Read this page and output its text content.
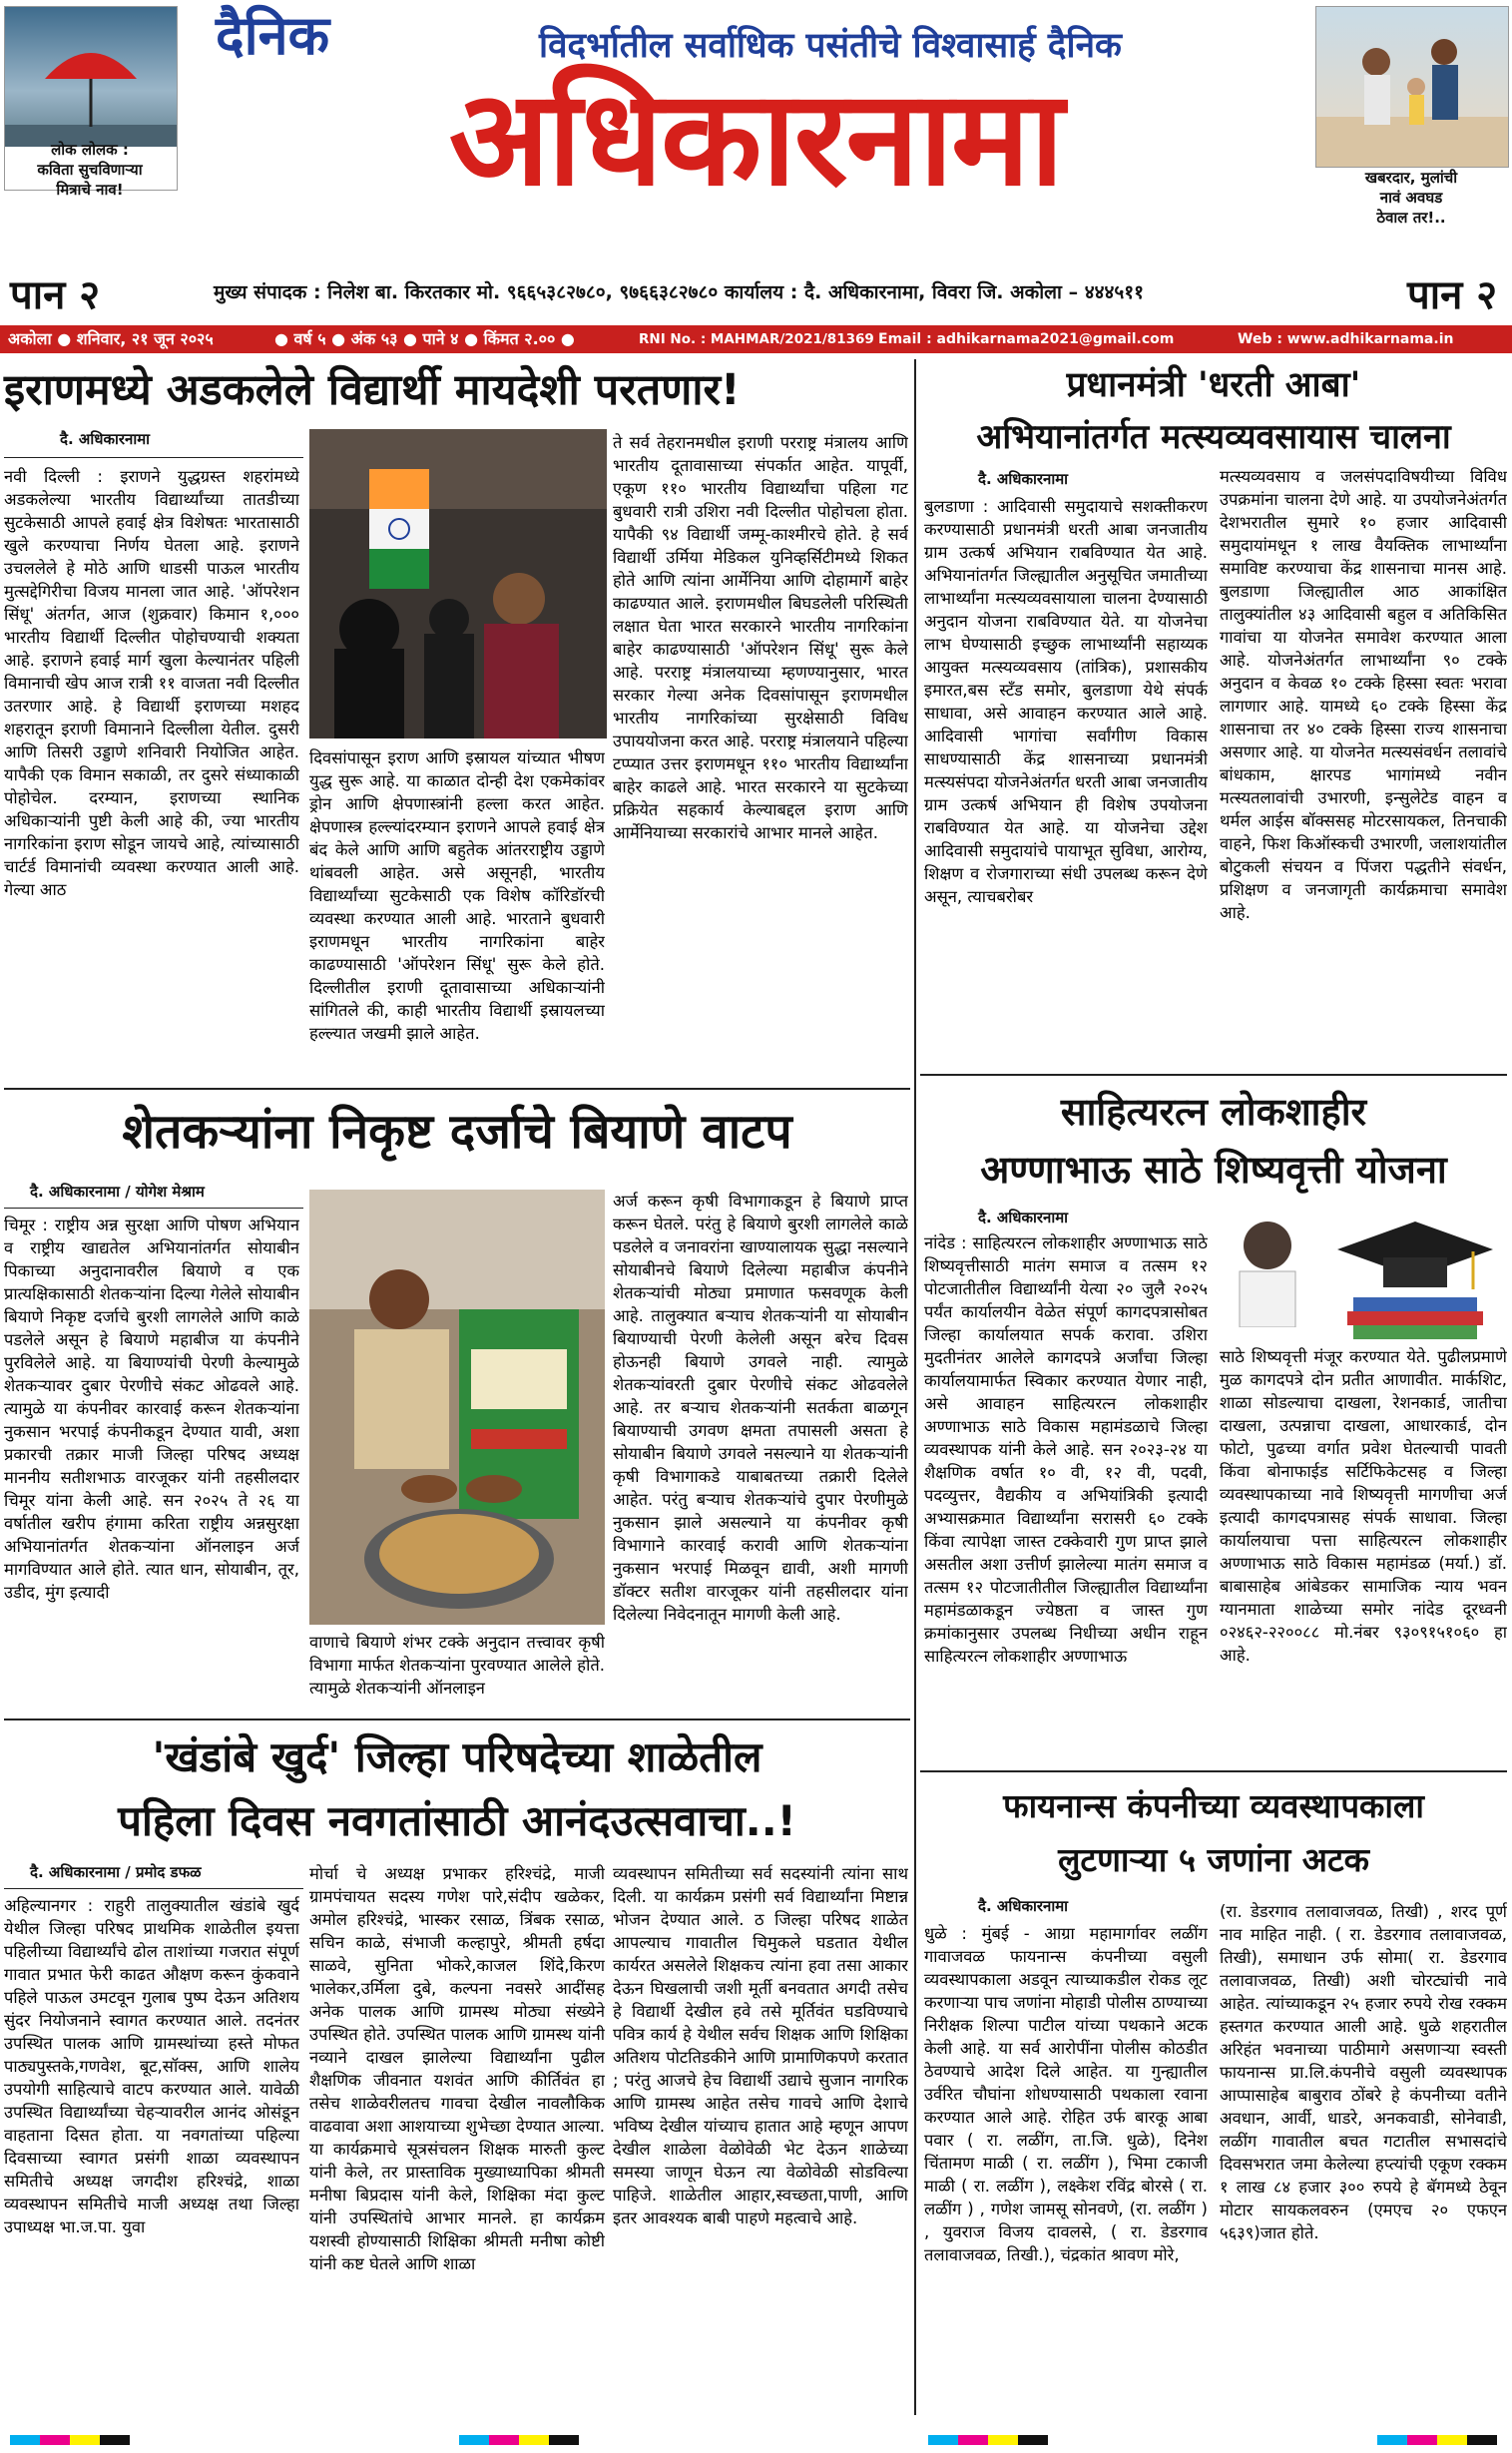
लोक लोलक :
कविता सुचविणाऱ्या
मित्राचे नाव!
खबरदार, मुलांची
नावं अवघड
ठेवाल तर!..
दैनिक	विदर्भातील सर्वाधिक पसंतीचे विश्वासार्ह दैनिक
अधिकारनामा
पान २	पान २
मुख्य संपादक : निलेश बा. किरतकार मो. ९६६५३८२७८०, ९७६६३८२७८० कार्यालय : दै. अधिकारनामा, विवरा जि. अकोला – ४४४५११
अकोला ● शनिवार, २१ जून २०२५	● वर्ष ५ ● अंक ५३ ● पाने ४ ● किंमत २.०० ●	RNI No. : MAHMAR/2021/81369 Email : adhikarnama2021@gmail.com	Web : www.adhikarnama.in
इराणमध्ये अडकलेले विद्यार्थी मायदेशी परतणार!
दै. अधिकारनामा
नवी दिल्ली : इराणने युद्धग्रस्त शहरांमध्ये अडकलेल्या भारतीय विद्यार्थ्यांच्या तातडीच्या सुटकेसाठी आपले हवाई क्षेत्र विशेषतः भारतासाठी खुले करण्याचा निर्णय घेतला आहे. इराणने उचललेले हे मोठे आणि धाडसी पाऊल भारतीय मुत्सद्देगिरीचा विजय मानला जात आहे. 'ऑपरेशन सिंधू' अंतर्गत, आज (शुक्रवार) किमान १,००० भारतीय विद्यार्थी दिल्लीत पोहोचण्याची शक्यता आहे. इराणने हवाई मार्ग खुला केल्यानंतर पहिली विमानाची खेप आज रात्री ११ वाजता नवी दिल्लीत उतरणार आहे. हे विद्यार्थी इराणच्या मशहद शहरातून इराणी विमानाने दिल्लीला येतील. दुसरी आणि तिसरी उड्डाणे शनिवारी नियोजित आहेत. यापैकी एक विमान सकाळी, तर दुसरे संध्याकाळी पोहोचेल. दरम्यान, इराणच्या स्थानिक अधिकाऱ्यांनी पुष्टी केली आहे की, ज्या भारतीय नागरिकांना इराण सोडून जायचे आहे, त्यांच्यासाठी चार्टर्ड विमानांची व्यवस्था करण्यात आली आहे. गेल्या आठ
दिवसांपासून इराण आणि इस्रायल यांच्यात भीषण युद्ध सुरू आहे. या काळात दोन्ही देश एकमेकांवर ड्रोन आणि क्षेपणास्त्रांनी हल्ला करत आहेत. क्षेपणास्त्र हल्ल्यांदरम्यान इराणने आपले हवाई क्षेत्र बंद केले आणि आणि बहुतेक आंतरराष्ट्रीय उड्डाणे थांबवली आहेत. असे असूनही, भारतीय विद्यार्थ्यांच्या सुटकेसाठी एक विशेष कॉरिडॉरची व्यवस्था करण्यात आली आहे. भारताने बुधवारी इराणमधून भारतीय नागरिकांना बाहेर काढण्यासाठी 'ऑपरेशन सिंधू' सुरू केले होते. दिल्लीतील इराणी दूतावासाच्या अधिकाऱ्यांनी सांगितले की, काही भारतीय विद्यार्थी इस्रायलच्या हल्ल्यात जखमी झाले आहेत.
ते सर्व तेहरानमधील इराणी परराष्ट्र मंत्रालय आणि भारतीय दूतावासाच्या संपर्कात आहेत. यापूर्वी, एकूण ११० भारतीय विद्यार्थ्यांचा पहिला गट बुधवारी रात्री उशिरा नवी दिल्लीत पोहोचला होता. यापैकी ९४ विद्यार्थी जम्मू-काश्मीरचे होते. हे सर्व विद्यार्थी उर्मिया मेडिकल युनिव्हर्सिटीमध्ये शिकत होते आणि त्यांना आर्मेनिया आणि दोहामार्गे बाहेर काढण्यात आले. इराणमधील बिघडलेली परिस्थिती लक्षात घेता भारत सरकारने भारतीय नागरिकांना बाहेर काढण्यासाठी 'ऑपरेशन सिंधू' सुरू केले आहे. परराष्ट्र मंत्रालयाच्या म्हणण्यानुसार, भारत सरकार गेल्या अनेक दिवसांपासून इराणमधील भारतीय नागरिकांच्या सुरक्षेसाठी विविध उपाययोजना करत आहे. परराष्ट्र मंत्रालयाने पहिल्या टप्प्यात उत्तर इराणमधून ११० भारतीय विद्यार्थ्यांना बाहेर काढले आहे. भारत सरकारने या सुटकेच्या प्रक्रियेत सहकार्य केल्याबद्दल इराण आणि आर्मेनियाच्या सरकारांचे आभार मानले आहेत.
प्रधानमंत्री 'धरती आबा'
अभियानांतर्गत मत्स्यव्यवसायास चालना
दै. अधिकारनामा
बुलडाणा : आदिवासी समुदायाचे सशक्तीकरण करण्यासाठी प्रधानमंत्री धरती आबा जनजातीय ग्राम उत्कर्ष अभियान राबविण्यात येत आहे. अभियानांतर्गत जिल्ह्यातील अनुसूचित जमातीच्या लाभार्थ्यांना मत्स्यव्यवसायाला चालना देण्यासाठी अनुदान योजना राबविण्यात येते. या योजनेचा लाभ घेण्यासाठी इच्छुक लाभार्थ्यांनी सहाय्यक आयुक्त मत्स्यव्यवसाय (तांत्रिक), प्रशासकीय इमारत,बस स्टँड समोर, बुलडाणा येथे संपर्क साधावा, असे आवाहन करण्यात आले आहे. आदिवासी भागांचा सर्वांगीण विकास साधण्यासाठी केंद्र शासनाच्या प्रधानमंत्री मत्स्यसंपदा योजनेअंतर्गत धरती आबा जनजातीय ग्राम उत्कर्ष अभियान ही विशेष उपयोजना राबविण्यात येत आहे. या योजनेचा उद्देश आदिवासी समुदायांचे पायाभूत सुविधा, आरोग्य, शिक्षण व रोजगाराच्या संधी उपलब्ध करून देणे असून, त्याचबरोबर
मत्स्यव्यवसाय व जलसंपदाविषयीच्या विविध उपक्रमांना चालना देणे आहे. या उपयोजनेअंतर्गत देशभरातील सुमारे १० हजार आदिवासी समुदायांमधून १ लाख वैयक्तिक लाभार्थ्यांना समाविष्ट करण्याचा केंद्र शासनाचा मानस आहे. बुलडाणा जिल्ह्यातील आठ आकांक्षित तालुक्यांतील ४३ आदिवासी बहुल व अतिकिसित गावांचा या योजनेत समावेश करण्यात आला आहे. योजनेअंतर्गत लाभार्थ्यांना ९० टक्के अनुदान व केवळ १० टक्के हिस्सा स्वतः भरावा लागणार आहे. यामध्ये ६० टक्के हिस्सा केंद्र शासनाचा तर ४० टक्के हिस्सा राज्य शासनाचा असणार आहे. या योजनेत मत्स्यसंवर्धन तलावांचे बांधकाम, क्षारपड भागांमध्ये नवीन मत्स्यतलावांची उभारणी, इन्सुलेटेड वाहन व थर्मल आईस बॉक्ससह मोटरसायकल, तिनचाकी वाहने, फिश किऑस्कची उभारणी, जलाशयांतील बोटुकली संचयन व पिंजरा पद्धतीने संवर्धन, प्रशिक्षण व जनजागृती कार्यक्रमाचा समावेश आहे.
शेतकऱ्यांना निकृष्ट दर्जाचे बियाणे वाटप
दै. अधिकारनामा / योगेश मेश्राम
चिमूर : राष्ट्रीय अन्न सुरक्षा आणि पोषण अभियान व राष्ट्रीय खाद्यतेल अभियानांतर्गत सोयाबीन पिकाच्या अनुदानावरील बियाणे व एक प्रात्यक्षिकासाठी शेतकऱ्यांना दिल्या गेलेले सोयाबीन बियाणे निकृष्ट दर्जाचे बुरशी लागलेले आणि काळे पडलेले असून हे बियाणे महाबीज या कंपनीने पुरविलेले आहे. या बियाण्यांची पेरणी केल्यामुळे शेतकऱ्यावर दुबार पेरणीचे संकट ओढवले आहे. त्यामुळे या कंपनीवर कारवाई करून शेतकऱ्यांना नुकसान भरपाई कंपनीकडून देण्यात यावी, अशा प्रकारची तक्रार माजी जिल्हा परिषद अध्यक्ष माननीय सतीशभाऊ वारजूकर यांनी तहसीलदार चिमूर यांना केली आहे. सन २०२५ ते २६ या वर्षातील खरीप हंगामा करिता राष्ट्रीय अन्नसुरक्षा अभियानांतर्गत शेतकऱ्यांना ऑनलाइन अर्ज मागविण्यात आले होते. त्यात धान, सोयाबीन, तूर, उडीद, मुंग इत्यादी
वाणाचे बियाणे शंभर टक्के अनुदान तत्त्वावर कृषी विभागा मार्फत शेतकऱ्यांना पुरवण्यात आलेले होते. त्यामुळे शेतकऱ्यांनी ऑनलाइन
अर्ज करून कृषी विभागाकडून हे बियाणे प्राप्त करून घेतले. परंतु हे बियाणे बुरशी लागलेले काळे पडलेले व जनावरांना खाण्यालायक सुद्धा नसल्याने सोयाबीनचे बियाणे दिलेल्या महाबीज कंपनीने शेतकऱ्यांची मोठ्या प्रमाणात फसवणूक केली आहे. तालुक्यात बऱ्याच शेतकऱ्यांनी या सोयाबीन बियाण्याची पेरणी केलेली असून बरेच दिवस होऊनही बियाणे उगवले नाही. त्यामुळे शेतकऱ्यांवरती दुबार पेरणीचे संकट ओढवलेले आहे. तर बऱ्याच शेतकऱ्यांनी सतर्कता बाळगून बियाण्याची उगवण क्षमता तपासली असता हे सोयाबीन बियाणे उगवले नसल्याने या शेतकऱ्यांनी कृषी विभागाकडे याबाबतच्या तक्रारी दिलेले आहेत. परंतु बऱ्याच शेतकऱ्यांचे दुपार पेरणीमुळे नुकसान झाले असल्याने या कंपनीवर कृषी विभागाने कारवाई करावी आणि शेतकऱ्यांना नुकसान भरपाई मिळवून द्यावी, अशी मागणी डॉक्टर सतीश वारजूकर यांनी तहसीलदार यांना दिलेल्या निवेदनातून मागणी केली आहे.
साहित्यरत्न लोकशाहीर
अण्णाभाऊ साठे शिष्यवृत्ती योजना
दै. अधिकारनामा
नांदेड : साहित्यरत्न लोकशाहीर अण्णाभाऊ साठे शिष्यवृत्तीसाठी मातंग समाज व तत्सम १२ पोटजातीतील विद्यार्थ्यांनी येत्या २० जुलै २०२५ पर्यंत कार्यालयीन वेळेत संपूर्ण कागदपत्रासोबत जिल्हा कार्यालयात सपर्क करावा. उशिरा मुदतीनंतर आलेले कागदपत्रे अर्जांचा जिल्हा कार्यालयामार्फत स्विकार करण्यात येणार नाही, असे आवाहन साहित्यरत्न लोकशाहीर अण्णाभाऊ साठे विकास महामंडळाचे जिल्हा व्यवस्थापक यांनी केले आहे. सन २०२३-२४ या शैक्षणिक वर्षात १० वी, १२ वी, पदवी, पदव्युत्तर, वैद्यकीय व अभियांत्रिकी इत्यादी अभ्यासक्रमात विद्यार्थ्यांना सरासरी ६० टक्के किंवा त्यापेक्षा जास्त टक्केवारी गुण प्राप्त झाले असतील अशा उत्तीर्ण झालेल्या मातंग समाज व तत्सम १२ पोटजातीतील जिल्ह्यातील विद्यार्थ्यांना महामंडळाकडून ज्येष्ठता व जास्त गुण क्रमांकानुसार उपलब्ध निधीच्या अधीन राहून साहित्यरत्न लोकशाहीर अण्णाभाऊ
साठे शिष्यवृत्ती मंजूर करण्यात येते. पुढीलप्रमाणे मुळ कागदपत्रे दोन प्रतीत आणावीत. मार्कशिट, शाळा सोडल्याचा दाखला, रेशनकार्ड, जातीचा दाखला, उत्पन्नाचा दाखला, आधारकार्ड, दोन फोटो, पुढच्या वर्गात प्रवेश घेतल्याची पावती किंवा बोनाफाईड सर्टिफिकेटसह व जिल्हा व्यवस्थापकाच्या नावे शिष्यवृत्ती मागणीचा अर्ज इत्यादी कागदपत्रासह संपर्क साधावा. जिल्हा कार्यालयाचा पत्ता साहित्यरत्न लोकशाहीर अण्णाभाऊ साठे विकास महामंडळ (मर्या.) डॉ. बाबासाहेब आंबेडकर सामाजिक न्याय भवन ग्यानमाता शाळेच्या समोर नांदेड दूरध्वनी ०२४६२-२२००८८ मो.नंबर ९३०९१५१०६० हा आहे.
'खंडांबे खुर्द' जिल्हा परिषदेच्या शाळेतील
पहिला दिवस नवगतांसाठी आनंदउत्सवाचा..!
दै. अधिकारनामा / प्रमोद डफळ
अहिल्यानगर : राहुरी तालुक्यातील खंडांबे खुर्द येथील जिल्हा परिषद प्राथमिक शाळेतील इयत्ता पहिलीच्या विद्यार्थ्यांचे ढोल ताशांच्या गजरात संपूर्ण गावात प्रभात फेरी काढत औक्षण करून कुंकवाने पहिले पाऊल उमटवून गुलाब पुष्प देऊन अतिशय सुंदर नियोजनाने स्वागत करण्यात आले. तदनंतर उपस्थित पालक आणि ग्रामस्थांच्या हस्ते मोफत पाठ्यपुस्तके,गणवेश, बूट,सॉक्स, आणि शालेय उपयोगी साहित्याचे वाटप करण्यात आले. यावेळी उपस्थित विद्यार्थ्यांच्या चेहऱ्यावरील आनंद ओसंडून वाहताना दिसत होता. या नवगतांच्या पहिल्या दिवसाच्या स्वागत प्रसंगी शाळा व्यवस्थापन समितीचे अध्यक्ष जगदीश हरिश्चंद्रे, शाळा व्यवस्थापन समितीचे माजी अध्यक्ष तथा जिल्हा उपाध्यक्ष भा.ज.पा. युवा
मोर्चा चे अध्यक्ष प्रभाकर हरिश्चंद्रे, माजी ग्रामपंचायत सदस्य गणेश पारे,संदीप खळेकर, अमोल हरिश्चंद्रे, भास्कर रसाळ, त्रिंबक रसाळ, सचिन काळे, संभाजी कल्हापुरे, श्रीमती हर्षदा साळवे, सुनिता भोकरे,काजल शिंदे,किरण भालेकर,उर्मिला दुबे, कल्पना नवसरे आदींसह अनेक पालक आणि ग्रामस्थ मोठ्या संख्येने उपस्थित होते. उपस्थित पालक आणि ग्रामस्थ यांनी नव्याने दाखल झालेल्या विद्यार्थ्यांना पुढील शैक्षणिक जीवनात यशवंत आणि कीर्तिवंत हा तसेच शाळेवरीलतच गावचा देखील नावलौकिक वाढवावा अशा आशयाच्या शुभेच्छा देण्यात आल्या. या कार्यक्रमाचे सूत्रसंचलन शिक्षक मारुती कुल्ट यांनी केले, तर प्रास्ताविक मुख्याध्यापिका श्रीमती मनीषा बिप्रदास यांनी केले, शिक्षिका मंदा कुल्ट यांनी उपस्थितांचे आभार मानले. हा कार्यक्रम यशस्वी होण्यासाठी शिक्षिका श्रीमती मनीषा कोष्टी यांनी कष्ट घेतले आणि शाळा
व्यवस्थापन समितीच्या सर्व सदस्यांनी त्यांना साथ दिली. या कार्यक्रम प्रसंगी सर्व विद्यार्थ्यांना मिष्टान्न भोजन देण्यात आले. ठ जिल्हा परिषद शाळेत आपल्याच गावातील चिमुकले घडतात येथील कार्यरत असलेले शिक्षकच त्यांना हवा तसा आकार देऊन घिखलाची जशी मूर्ती बनवतात अगदी तसेच हे विद्यार्थी देखील हवे तसे मूर्तिवंत घडविण्याचे पवित्र कार्य हे येथील सर्वच शिक्षक आणि शिक्षिका अतिशय पोटतिडकीने आणि प्रामाणिकपणे करतात ; परंतु आजचे हेच विद्यार्थी उद्याचे सुजान नागरिक आणि ग्रामस्थ आहेत तसेच गावचे आणि देशाचे भविष्य देखील यांच्याच हातात आहे म्हणून आपण देखील शाळेला वेळोवेळी भेट देऊन शाळेच्या समस्या जाणून घेऊन त्या वेळोवेळी सोडविल्या पाहिजे. शाळेतील आहार,स्वच्छता,पाणी, आणि इतर आवश्यक बाबी पाहणे महत्वाचे आहे.
फायनान्स कंपनीच्या व्यवस्थापकाला
लुटणाऱ्या ५ जणांना अटक
दै. अधिकारनामा
धुळे : मुंबई - आग्रा महामार्गावर लळींग गावाजवळ फायनान्स कंपनीच्या वसुली व्यवस्थापकाला अडवून त्याच्याकडील रोकड लूट करणाऱ्या पाच जणांना मोहाडी पोलीस ठाण्याच्या निरीक्षक शिल्पा पाटील यांच्या पथकाने अटक केली आहे. या सर्व आरोपींना पोलीस कोठडीत ठेवण्याचे आदेश दिले आहेत. या गुन्ह्यातील उर्वरित चौघांना शोधण्यासाठी पथकाला रवाना करण्यात आले आहे. रोहित उर्फ बारकू आबा पवार ( रा. लळींग, ता.जि. धुळे), दिनेश चिंतामण माळी ( रा. लळींग ), भिमा टकाजी माळी ( रा. लळींग ), लक्ष्केश रविंद्र बोरसे ( रा. लळींग ) , गणेश जामसू सोनवणे, (रा. लळींग ) , युवराज विजय दावलसे, ( रा. डेडरगाव तलावाजवळ, तिखी.), चंद्रकांत श्रावण मोरे,
(रा. डेडरगाव तलावाजवळ, तिखी) , शरद पूर्ण नाव माहित नाही. ( रा. डेडरगाव तलावाजवळ, तिखी), समाधान उर्फ सोमा( रा. डेडरगाव तलावाजवळ, तिखी) अशी चोरट्यांची नावे आहेत. त्यांच्याकडून २५ हजार रुपये रोख रक्कम हस्तगत करण्यात आली आहे. धुळे शहरातील अरिहंत भवनाच्या पाठीमागे असणाऱ्या स्वस्ती फायनान्स प्रा.लि.कंपनीचे वसुली व्यवस्थापक आप्पासाहेब बाबुराव ठोंबरे हे कंपनीच्या वतीने अवधान, आर्वी, धाडरे, अनकवाडी, सोनेवाडी, लळींग गावातील बचत गटातील सभासदांचे दिवसभरात जमा केलेल्या हप्त्यांची एकूण रक्कम १ लाख ८४ हजार ३०० रुपये हे बॅगमध्ये ठेवून मोटार सायकलवरुन (एमएच २० एफएन ५६३९)जात होते.
